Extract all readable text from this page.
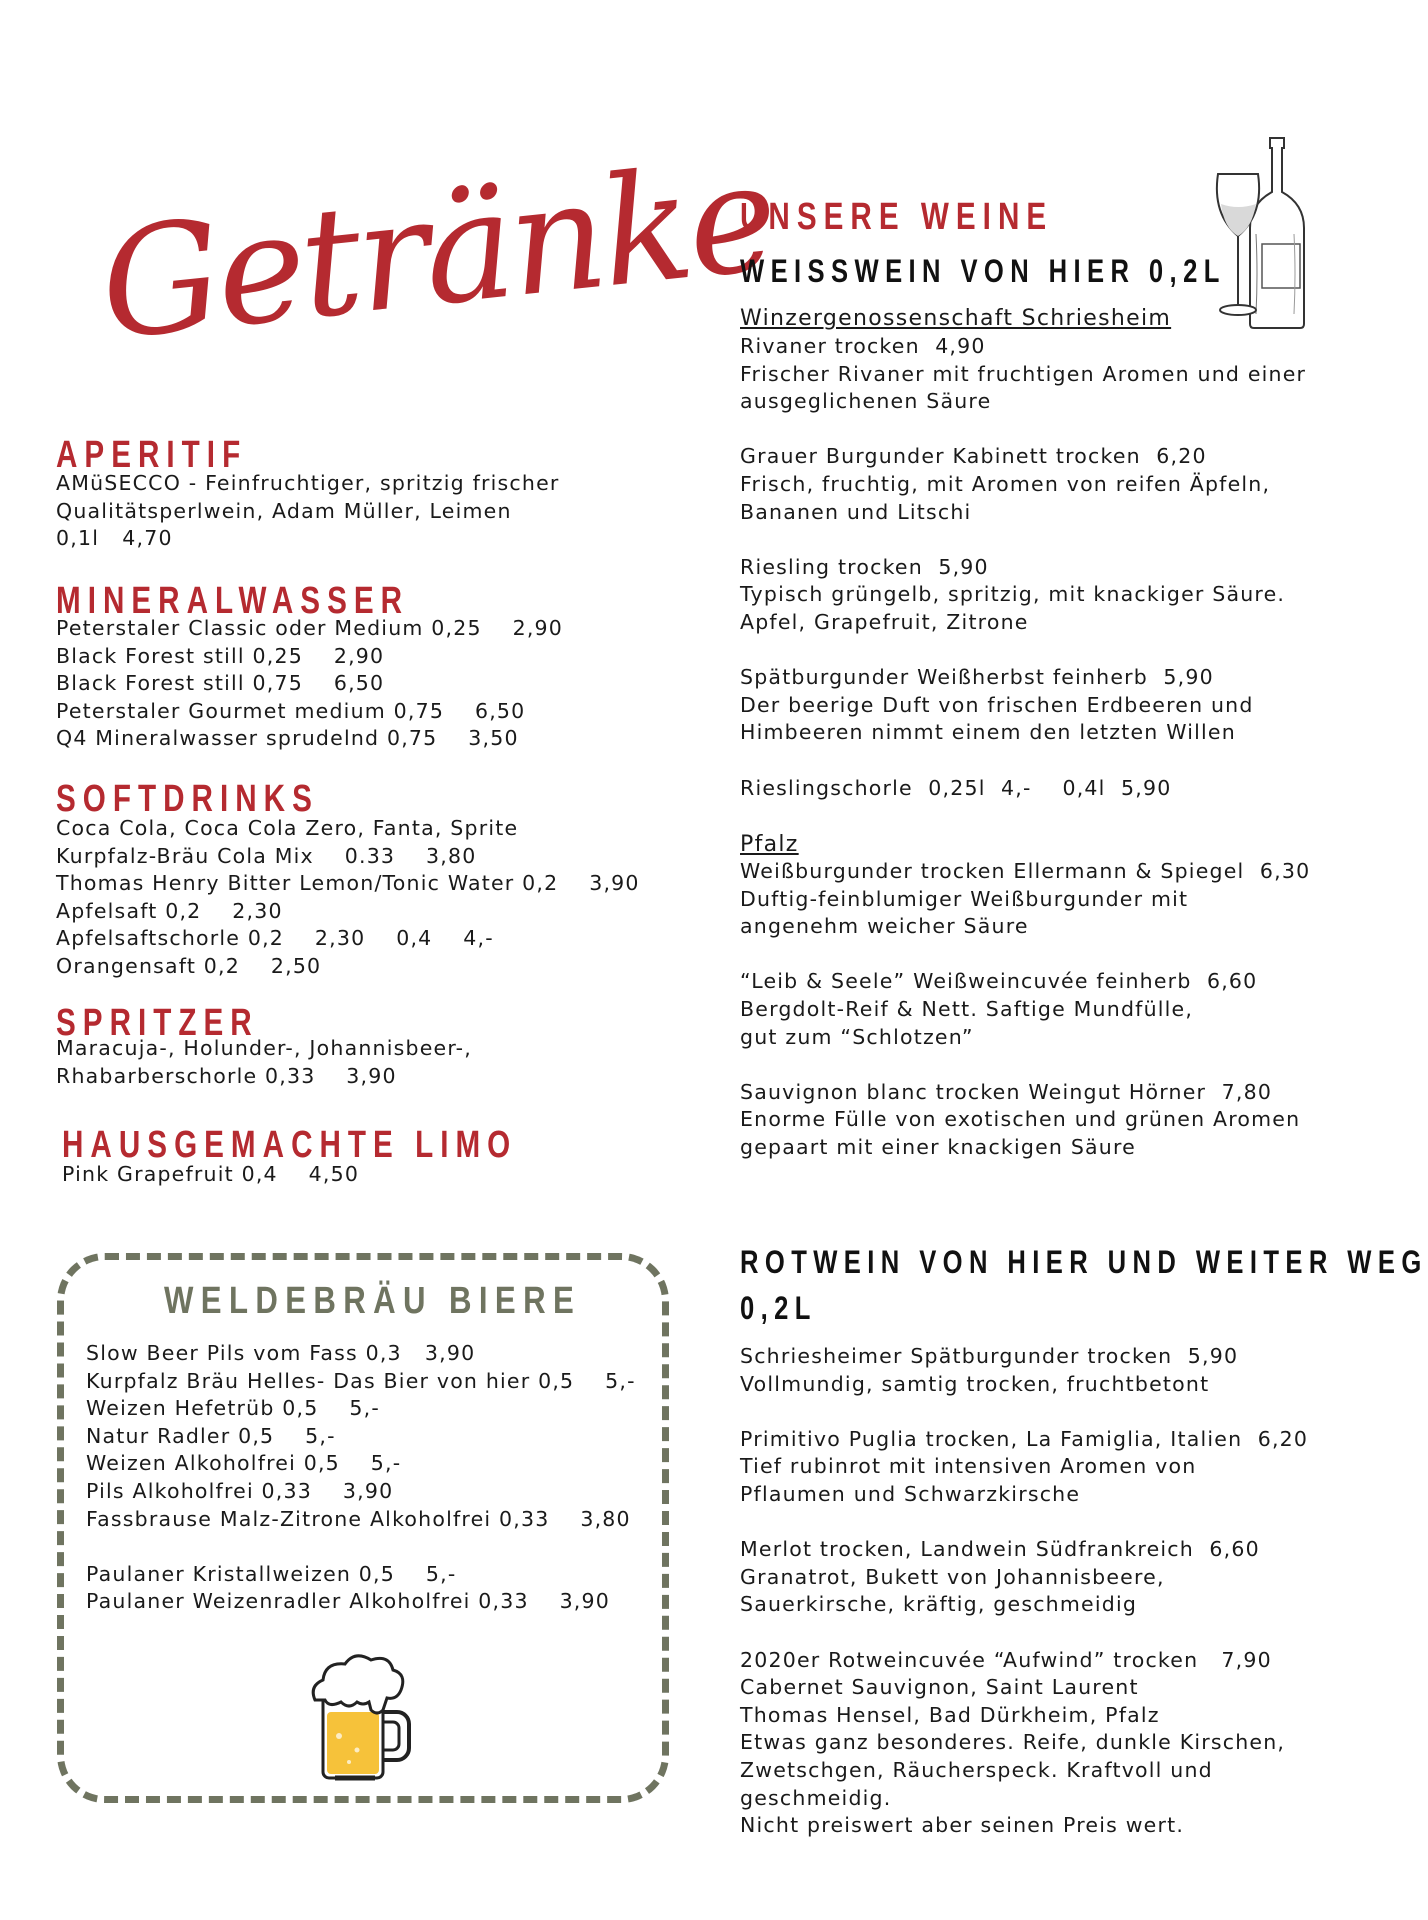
Getränke
APERITIF
AMüSECCO - Feinfruchtiger, spritzig frischer
Qualitätsperlwein, Adam Müller, Leimen
0,1l   4,70
MINERALWASSER
Peterstaler Classic oder Medium 0,25    2,90
Black Forest still 0,25    2,90
Black Forest still 0,75    6,50
Peterstaler Gourmet medium 0,75    6,50
Q4 Mineralwasser sprudelnd 0,75    3,50
SOFTDRINKS
Coca Cola, Coca Cola Zero, Fanta, Sprite
Kurpfalz-Bräu Cola Mix    0.33    3,80
Thomas Henry Bitter Lemon/Tonic Water 0,2    3,90
Apfelsaft 0,2    2,30
Apfelsaftschorle 0,2    2,30    0,4    4,-
Orangensaft 0,2    2,50
SPRITZER
Maracuja-, Holunder-, Johannisbeer-,
Rhabarberschorle 0,33    3,90
HAUSGEMACHTE LIMO
Pink Grapefruit 0,4    4,50
WELDEBRÄU BIERE
Slow Beer Pils vom Fass 0,3   3,90
Kurpfalz Bräu Helles- Das Bier von hier 0,5    5,-
Weizen Hefetrüb 0,5    5,-
Natur Radler 0,5    5,-
Weizen Alkoholfrei 0,5    5,-
Pils Alkoholfrei 0,33    3,90
Fassbrause Malz-Zitrone Alkoholfrei 0,33    3,80
Paulaner Kristallweizen 0,5    5,-
Paulaner Weizenradler Alkoholfrei 0,33    3,90
UNSERE WEINE
WEISSWEIN VON HIER 0,2L
Winzergenossenschaft Schriesheim
Rivaner trocken  4,90
Frischer Rivaner mit fruchtigen Aromen und einer
ausgeglichenen Säure
Grauer Burgunder Kabinett trocken  6,20
Frisch, fruchtig, mit Aromen von reifen Äpfeln,
Bananen und Litschi
Riesling trocken  5,90
Typisch grüngelb, spritzig, mit knackiger Säure.
Apfel, Grapefruit, Zitrone
Spätburgunder Weißherbst feinherb  5,90
Der beerige Duft von frischen Erdbeeren und
Himbeeren nimmt einem den letzten Willen
Rieslingschorle  0,25l  4,-    0,4l  5,90
Pfalz
Weißburgunder trocken Ellermann & Spiegel  6,30
Duftig-feinblumiger Weißburgunder mit
angenehm weicher Säure
“Leib & Seele” Weißweincuvée feinherb  6,60
Bergdolt-Reif & Nett. Saftige Mundfülle,
gut zum “Schlotzen”
Sauvignon blanc trocken Weingut Hörner  7,80
Enorme Fülle von exotischen und grünen Aromen
gepaart mit einer knackigen Säure
ROTWEIN VON HIER UND WEITER WEG
0,2L
Schriesheimer Spätburgunder trocken  5,90
Vollmundig, samtig trocken, fruchtbetont
Primitivo Puglia trocken, La Famiglia, Italien  6,20
Tief rubinrot mit intensiven Aromen von
Pflaumen und Schwarzkirsche
Merlot trocken, Landwein Südfrankreich  6,60
Granatrot, Bukett von Johannisbeere,
Sauerkirsche, kräftig, geschmeidig
2020er Rotweincuvée “Aufwind” trocken   7,90
Cabernet Sauvignon, Saint Laurent
Thomas Hensel, Bad Dürkheim, Pfalz
Etwas ganz besonderes. Reife, dunkle Kirschen,
Zwetschgen, Räucherspeck. Kraftvoll und
geschmeidig.
Nicht preiswert aber seinen Preis wert.
